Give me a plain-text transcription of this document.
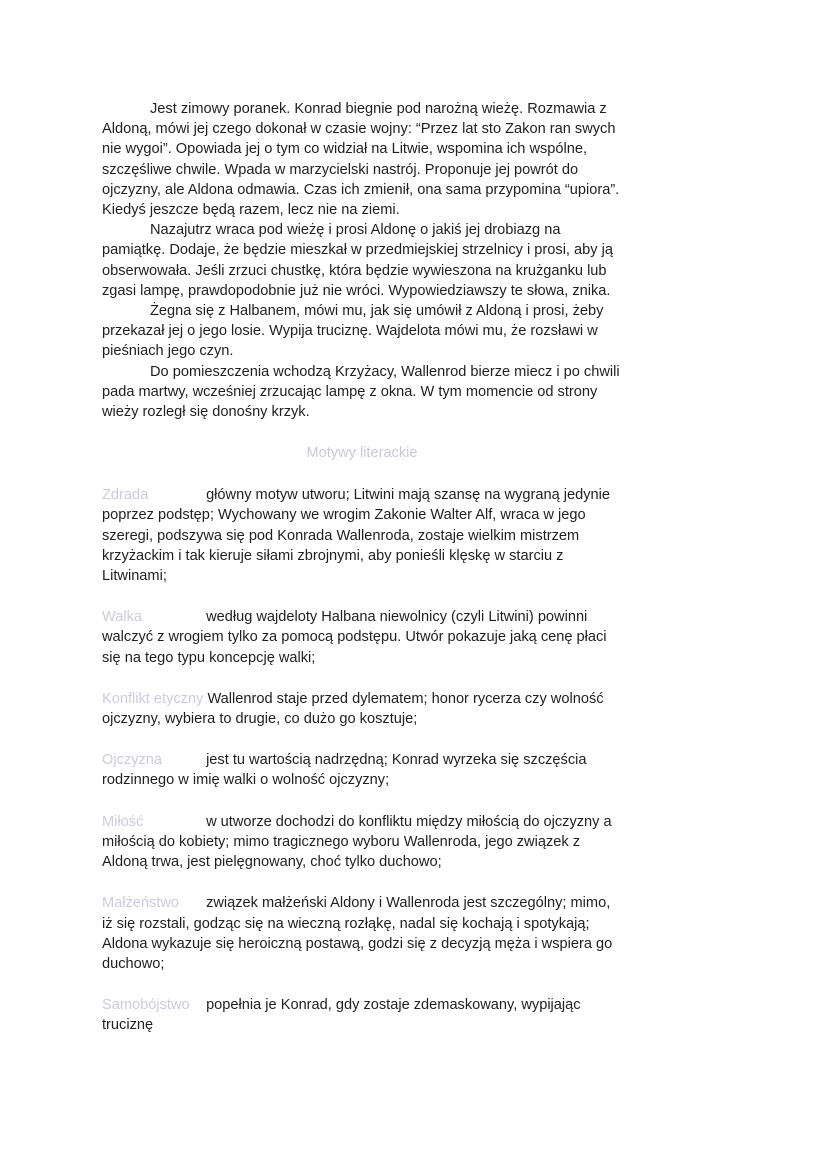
Jest zimowy poranek. Konrad biegnie pod narożną wieżę. Rozmawia z Aldoną, mówi jej czego dokonał w czasie wojny: “Przez lat sto Zakon ran swych nie wygoi”. Opowiada jej o tym co widział na Litwie, wspomina ich wspólne, szczęśliwe chwile. Wpada w marzycielski nastrój. Proponuje jej powrót do ojczyzny, ale Aldona odmawia. Czas ich zmienił, ona sama przypomina “upiora”. Kiedyś jeszcze będą razem, lecz nie na ziemi.

Nazajutrz wraca pod wieżę i prosi Aldonę o jakiś jej drobiazg na pamiątkę. Dodaje, że będzie mieszkał w przedmiejskiej strzelnicy i prosi, aby ją obserwowała. Jeśli zrzuci chustkę, która będzie wywieszona na krużganku lub zgasi lampę, prawdopodobnie już nie wróci. Wypowiedziawszy te słowa, znika.

Żegna się z Halbanem, mówi mu, jak się umówił z Aldoną i prosi, żeby przekazał jej o jego losie. Wypija truciznę. Wajdelota mówi mu, że rozsławi w pieśniach jego czyn.

Do pomieszczenia wchodzą Krzyżacy, Wallenrod bierze miecz i po chwili pada martwy, wcześniej zrzucając lampę z okna. W tym momencie od strony wieży rozległ się donośny krzyk.

Motywy literackie

Zdrada	główny motyw utworu; Litwini mają szansę na wygraną jedynie poprzez podstęp; Wychowany we wrogim Zakonie Walter Alf, wraca w jego szeregi, podszywa się pod Konrada Wallenroda, zostaje wielkim mistrzem krzyżackim i tak kieruje siłami zbrojnymi, aby ponieśli klęskę w starciu z Litwinami;

Walka	według wajdeloty Halbana niewolnicy (czyli Litwini) powinni walczyć z wrogiem tylko za pomocą podstępu. Utwór pokazuje jaką cenę płaci się na tego typu koncepcję walki;

Konflikt etyczny Wallenrod staje przed dylematem; honor rycerza czy wolność ojczyzny, wybiera to drugie, co dużo go kosztuje;

Ojczyzna	jest tu wartością nadrzędną; Konrad wyrzeka się szczęścia rodzinnego w imię walki o wolność ojczyzny;

Miłość	w utworze dochodzi do konfliktu między miłością do ojczyzny a miłością do kobiety; mimo tragicznego wyboru Wallenroda, jego związek z Aldoną trwa, jest pielęgnowany, choć tylko duchowo;

Małżeństwo związek małżeński Aldony i Wallenroda jest szczególny; mimo, iż się rozstali, godząc się na wieczną rozłąkę, nadal się kochają i spotykają; Aldona wykazuje się heroiczną postawą, godzi się z decyzją męża i wspiera go duchowo;

Samobójstwo popełnia je Konrad, gdy zostaje zdemaskowany, wypijając truciznę
